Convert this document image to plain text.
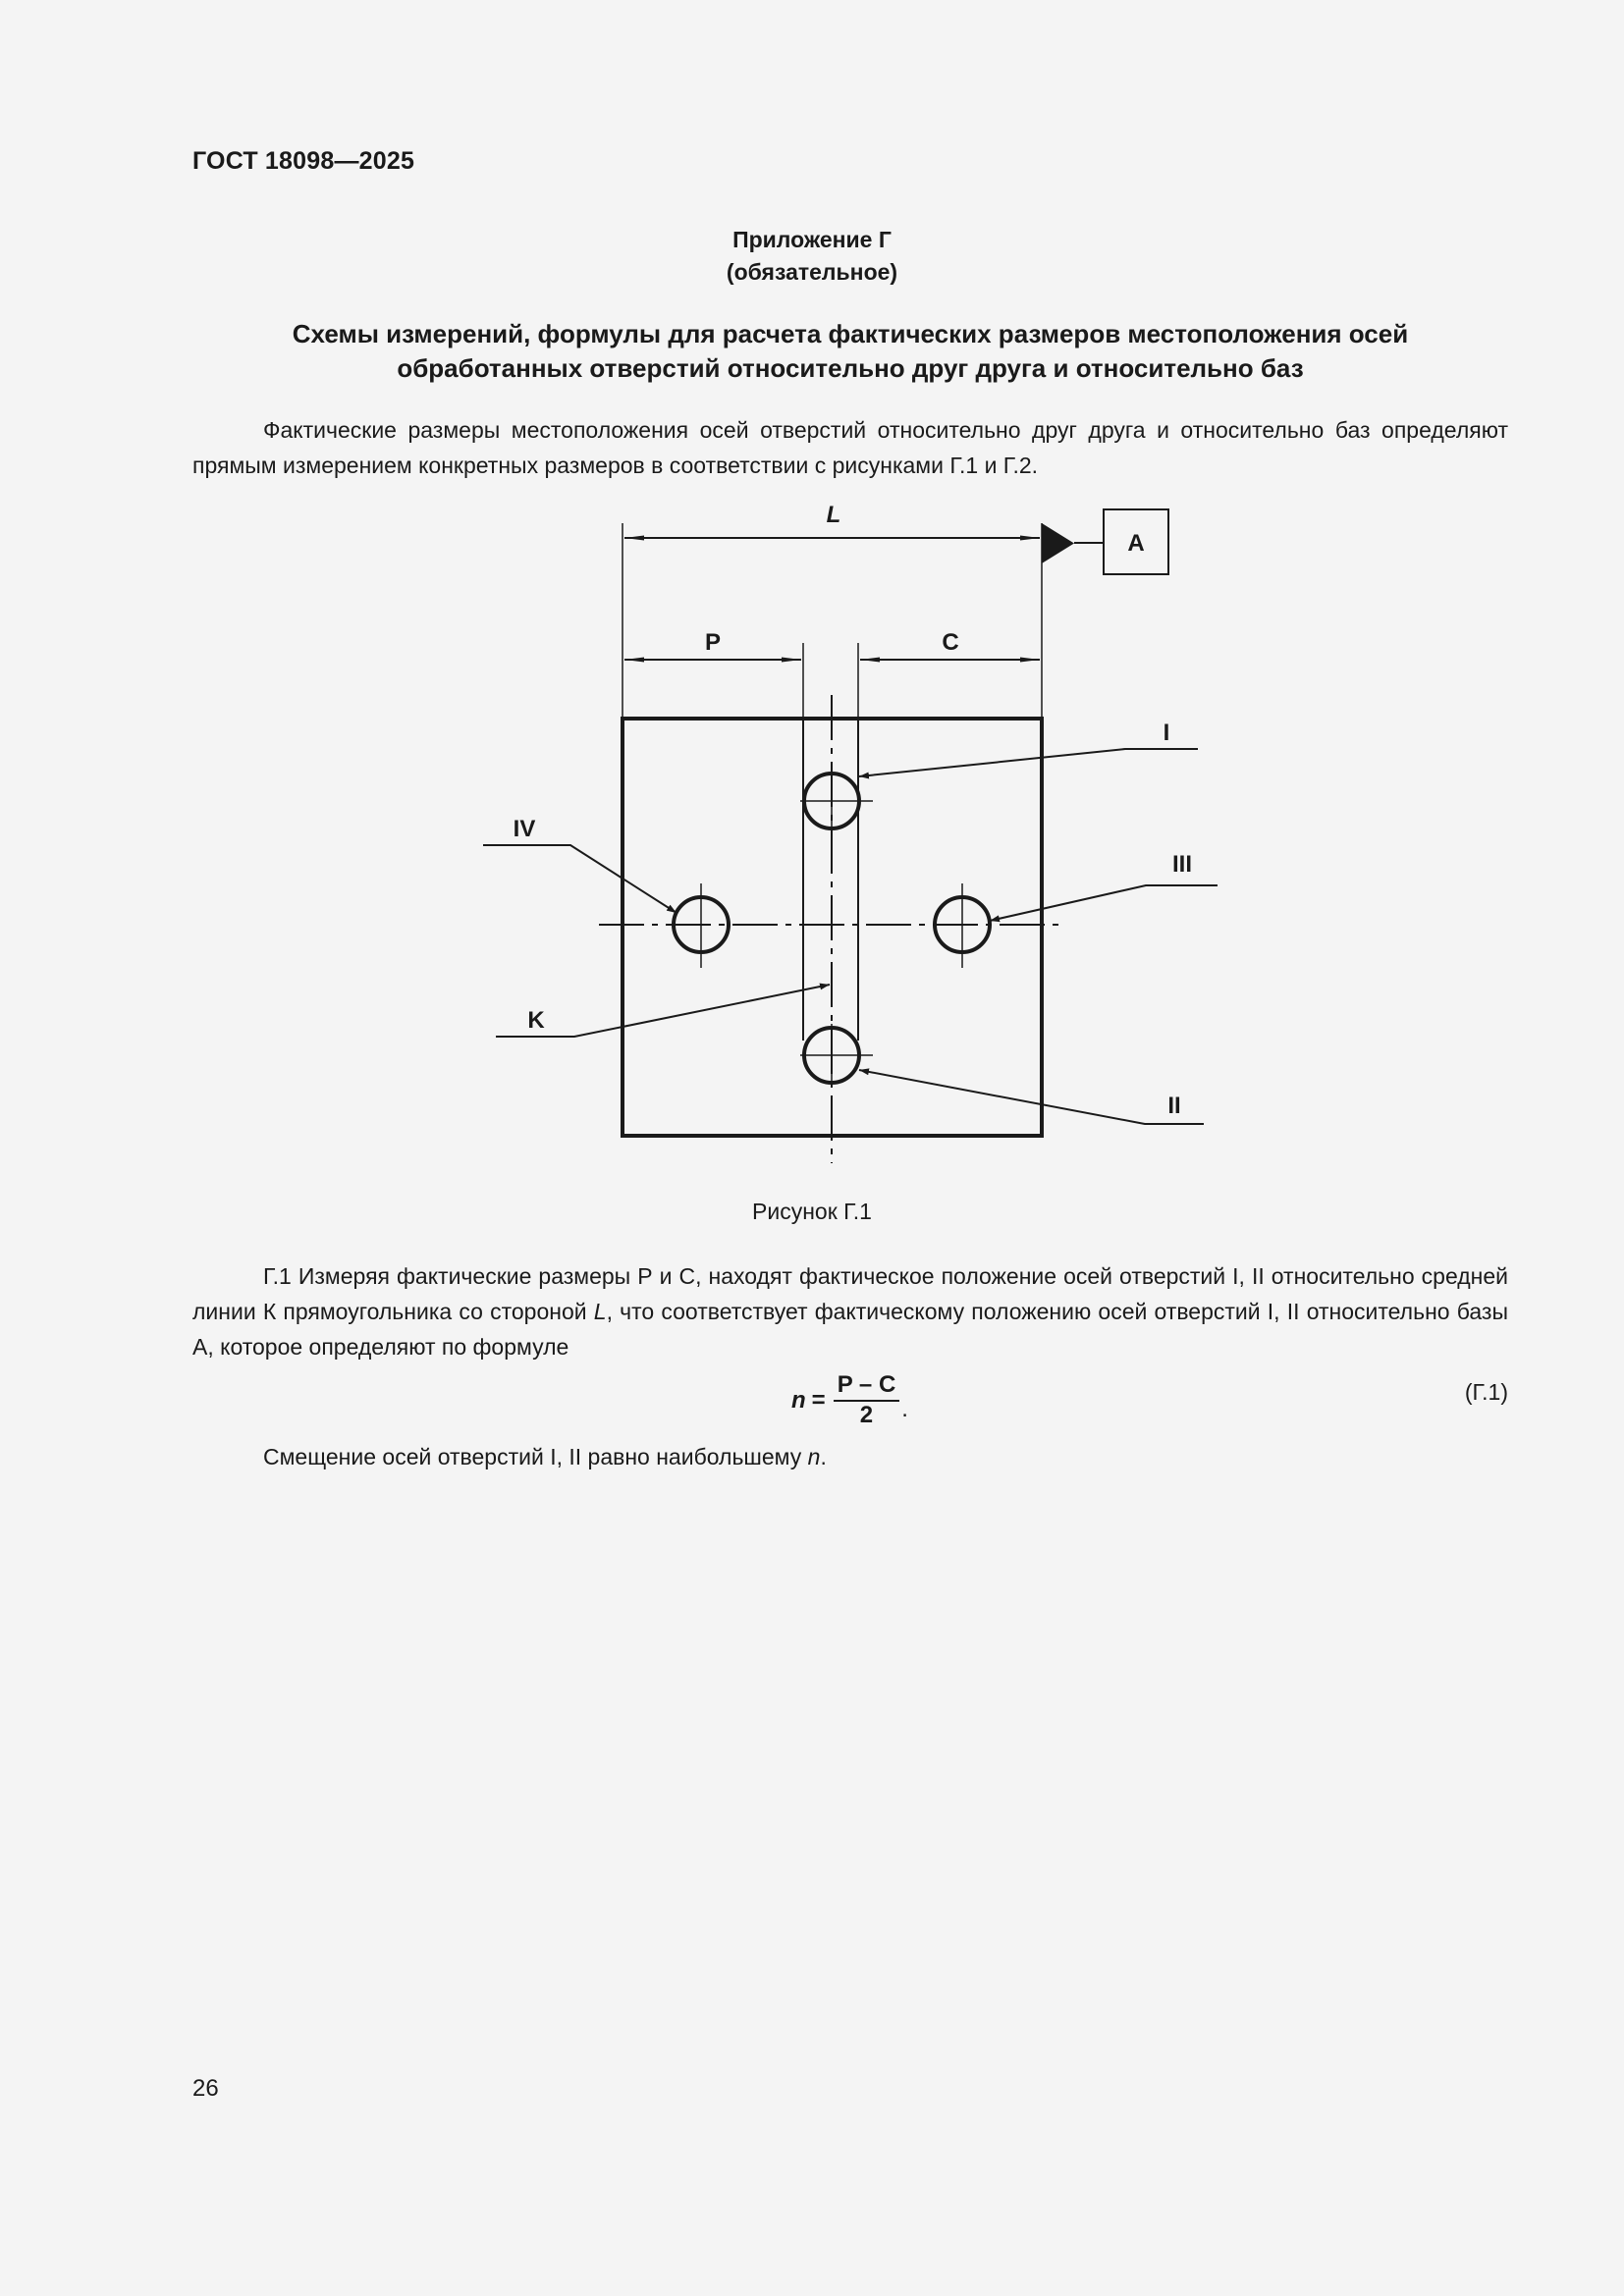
ГОСТ 18098—2025
Приложение Г
(обязательное)
Схемы измерений, формулы для расчета фактических размеров местоположения осей
обработанных отверстий относительно друг друга и относительно баз

Фактические размеры местоположения осей отверстий относительно друг друга и относительно баз определяют прямым измерением конкретных размеров в соответствии с рисунками Г.1 и Г.2.

L
A
P	C
I
III
IV
K
II
Рисунок Г.1

Г.1 Измеряя фактические размеры Р и С, находят фактическое положение осей отверстий I, II относительно средней линии К прямоугольника со стороной L, что соответствует фактическому положению осей отверстий I, II относительно базы А, которое определяют по формуле

$n = \frac{P - C}{2}$ .
(Г.1)

Смещение осей отверстий I, II равно наибольшему n.

26
